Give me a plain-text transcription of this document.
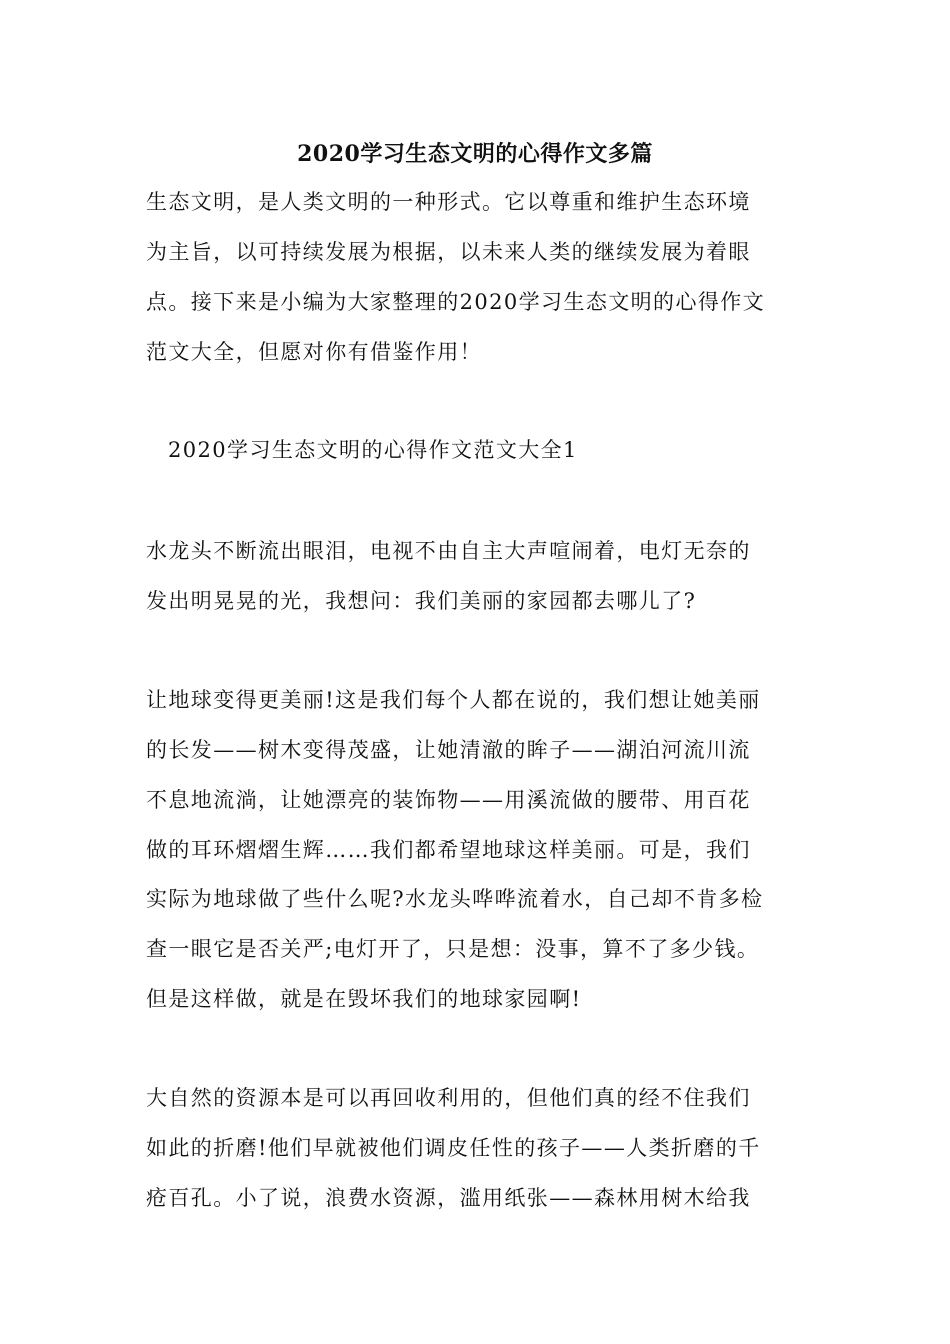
2020学习生态文明的心得作文多篇
生态文明，是人类文明的一种形式。它以尊重和维护生态环境
为主旨，以可持续发展为根据，以未来人类的继续发展为着眼
点。接下来是小编为大家整理的2020学习生态文明的心得作文
范文大全，但愿对你有借鉴作用！
2020学习生态文明的心得作文范文大全1
水龙头不断流出眼泪，电视不由自主大声喧闹着，电灯无奈的
发出明晃晃的光，我想问：我们美丽的家园都去哪儿了?
让地球变得更美丽!这是我们每个人都在说的，我们想让她美丽
的长发——树木变得茂盛，让她清澈的眸子——湖泊河流川流
不息地流淌，让她漂亮的装饰物——用溪流做的腰带、用百花
做的耳环熠熠生辉……我们都希望地球这样美丽。可是，我们
实际为地球做了些什么呢?水龙头哗哗流着水，自己却不肯多检
查一眼它是否关严;电灯开了，只是想：没事，算不了多少钱。
但是这样做，就是在毁坏我们的地球家园啊!
大自然的资源本是可以再回收利用的，但他们真的经不住我们
如此的折磨!他们早就被他们调皮任性的孩子——人类折磨的千
疮百孔。小了说，浪费水资源，滥用纸张——森林用树木给我
